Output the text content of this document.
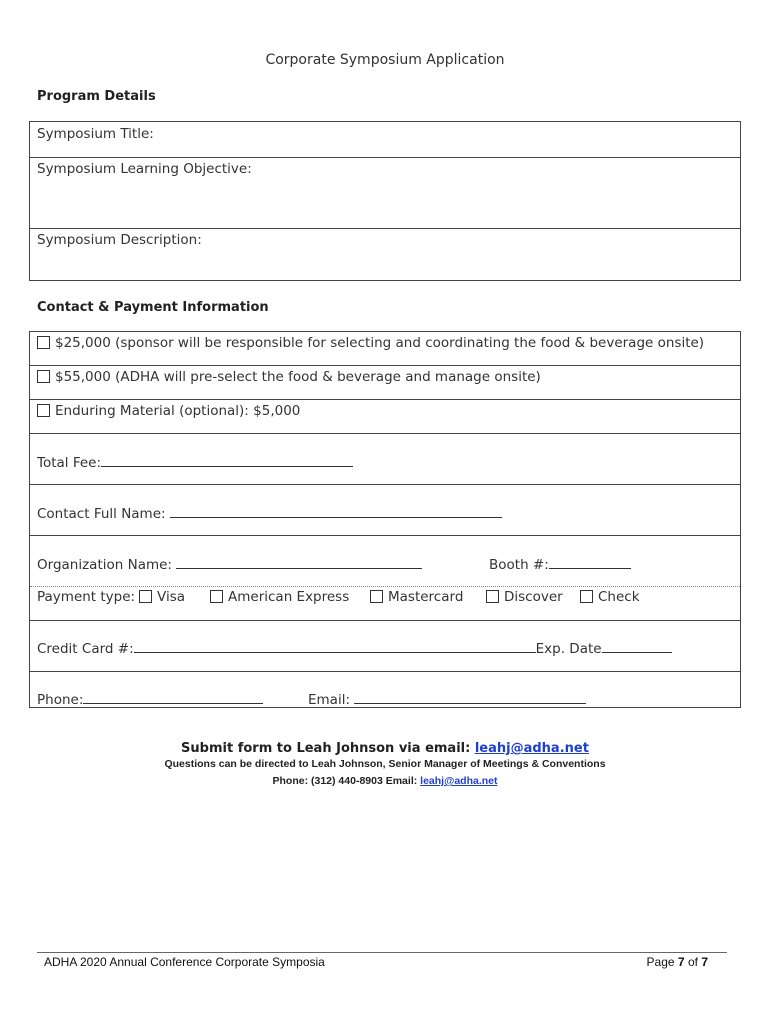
Corporate Symposium Application
Program Details
Symposium Title:
Symposium Learning Objective:
Symposium Description:
Contact & Payment Information
$25,000 (sponsor will be responsible for selecting and coordinating the food & beverage onsite)
$55,000 (ADHA will pre-select the food & beverage and manage onsite)
Enduring Material (optional): $5,000
Total Fee:
Contact Full Name:
Organization Name:	Booth #:
Payment type:	Visa	American Express	Mastercard	Discover	Check
Credit Card #:	Exp. Date
Phone:	Email:
Submit form to Leah Johnson via email: leahj@adha.net
Questions can be directed to Leah Johnson, Senior Manager of Meetings & Conventions
Phone: (312) 440-8903 Email: leahj@adha.net
ADHA 2020 Annual Conference Corporate Symposia	Page 7 of 7
